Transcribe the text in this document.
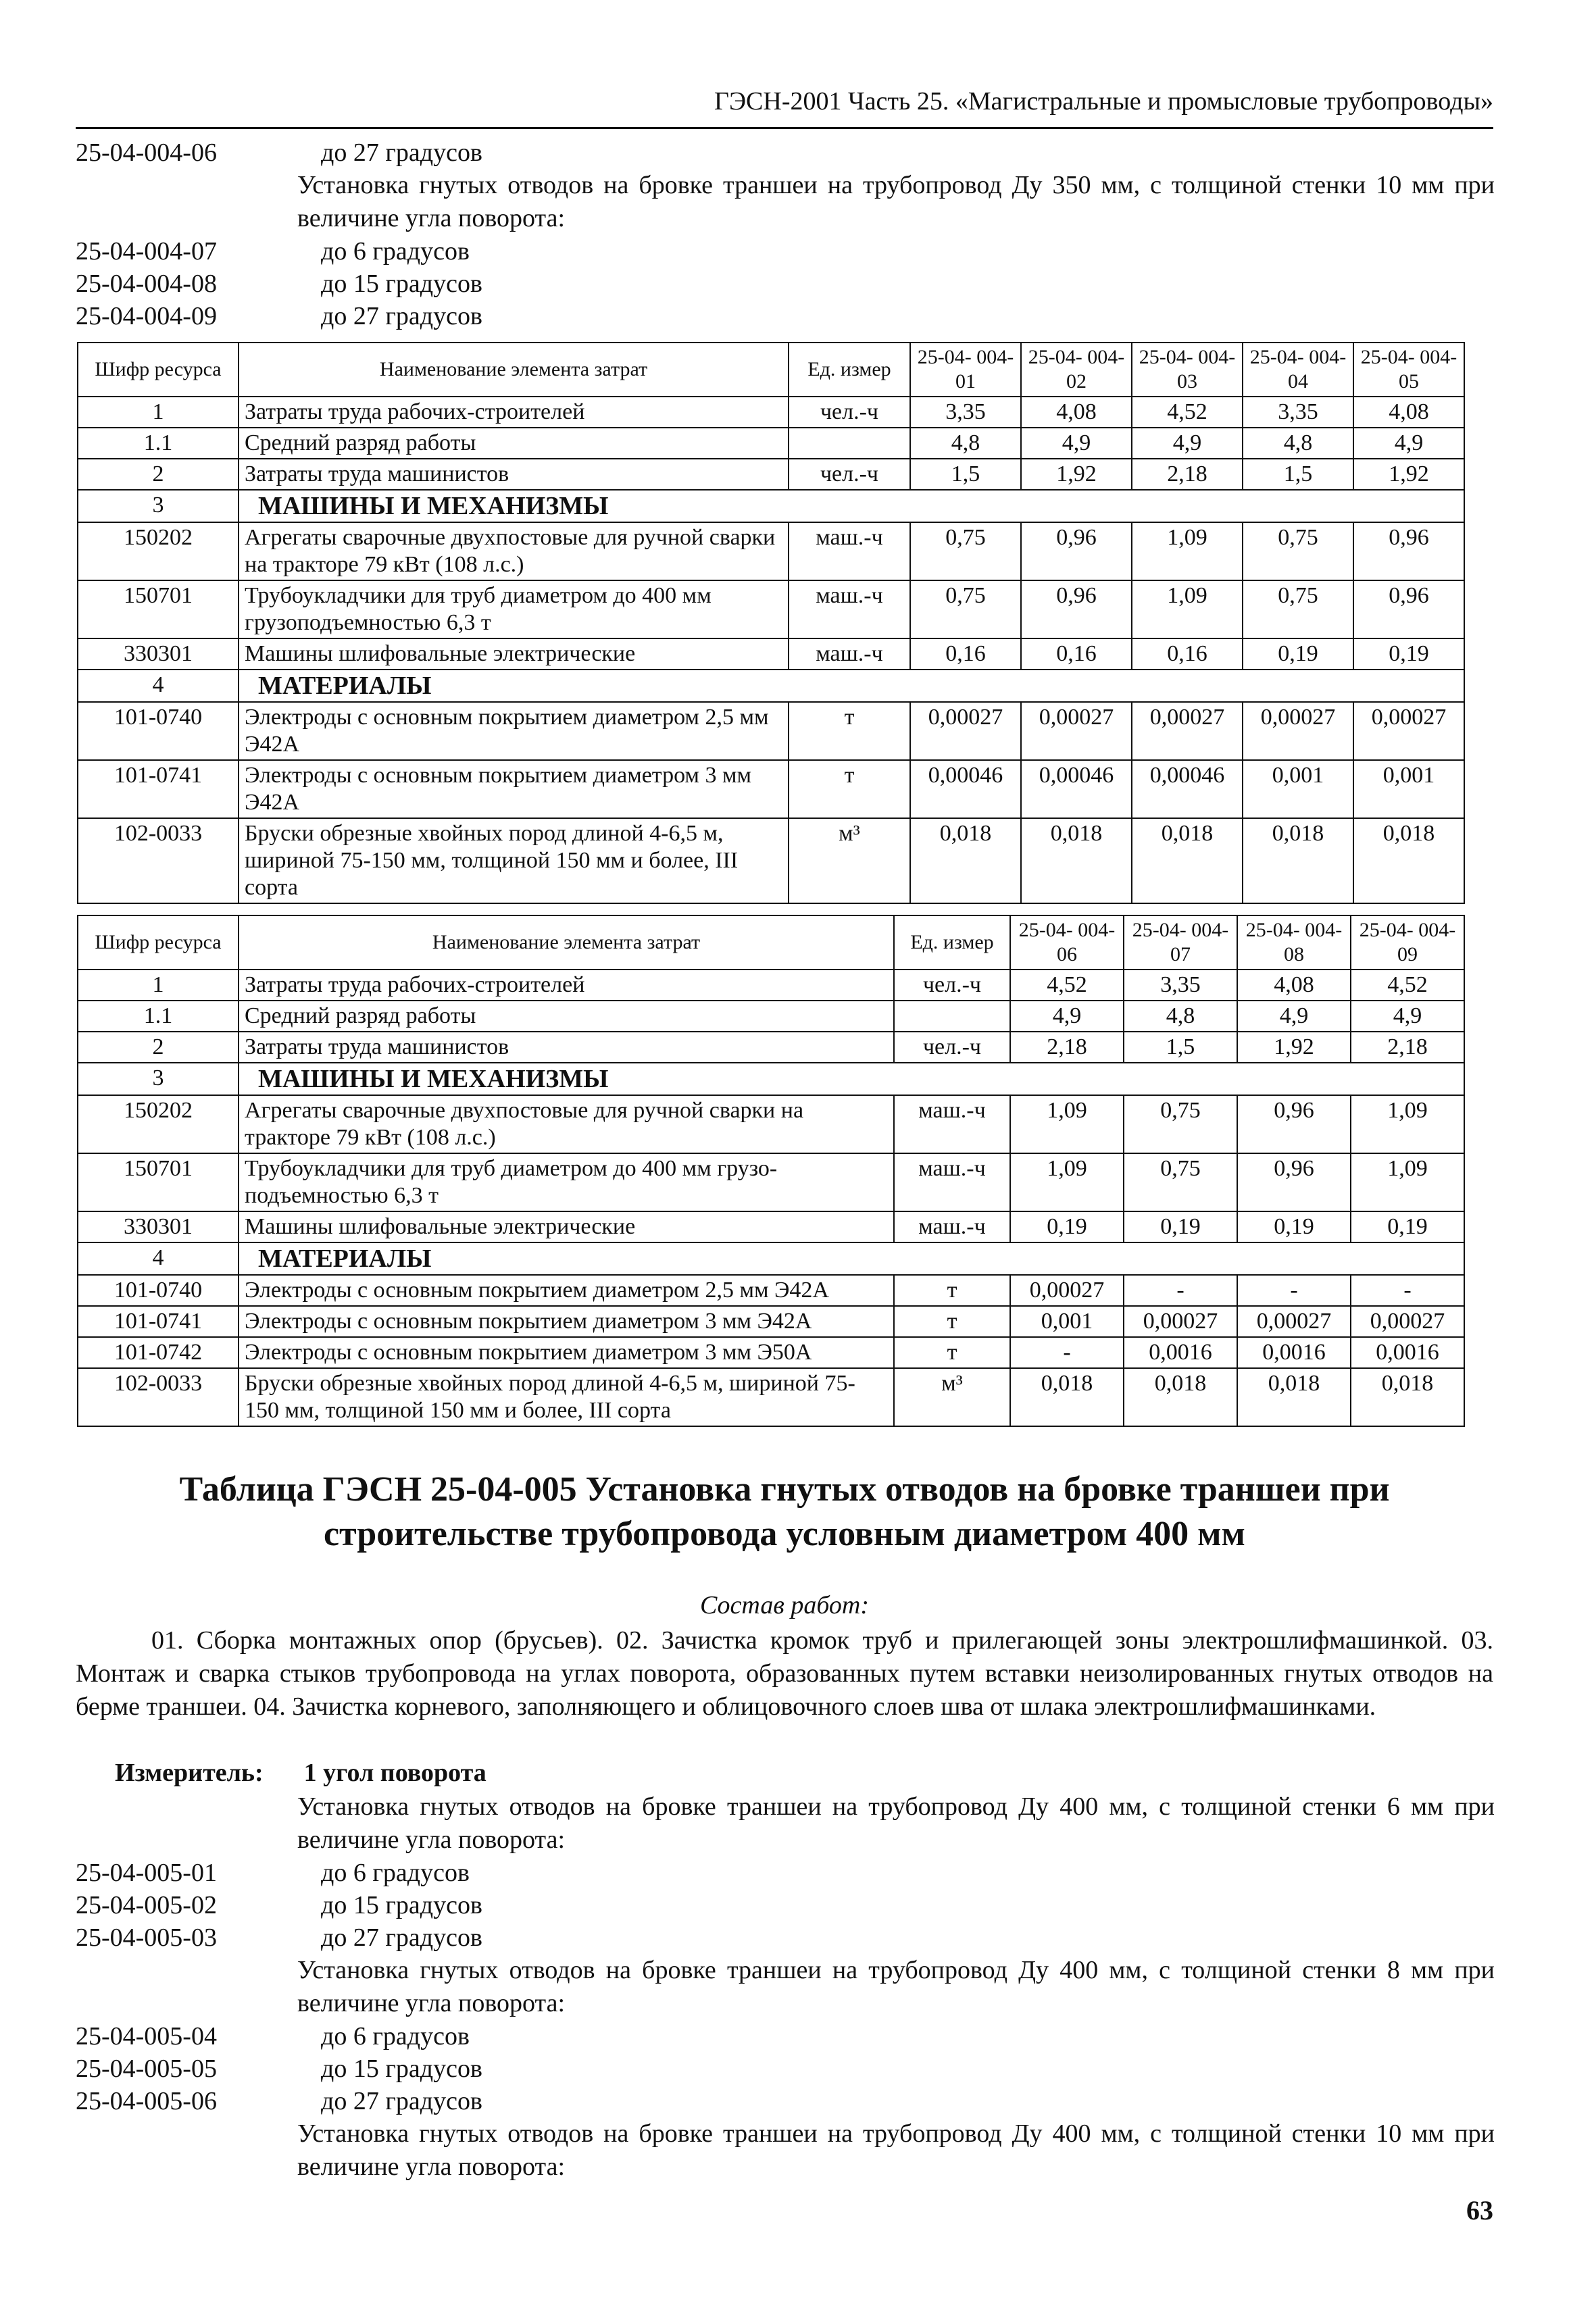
ГЭСН-2001 Часть 25. «Магистральные и промысловые трубопроводы»
25-04-004-06	до 27 градусов
Установка гнутых отводов на бровке траншеи на трубопровод Ду 350 мм, с толщиной стенки 10 мм при величине угла поворота:
25-04-004-07	до 6 градусов
25-04-004-08	до 15 градусов
25-04-004-09	до 27 градусов
Шифр ресурса	Наименование элемента затрат	Ед. измер	25-04- 004-01	25-04- 004-02	25-04- 004-03	25-04- 004-04	25-04- 004-05
1	Затраты труда рабочих-строителей	чел.-ч	3,35	4,08	4,52	3,35	4,08
1.1	Средний разряд работы		4,8	4,9	4,9	4,8	4,9
2	Затраты труда машинистов	чел.-ч	1,5	1,92	2,18	1,5	1,92
3	МАШИНЫ И МЕХАНИЗМЫ						
150202	Агрегаты сварочные двухпостовые для ручной сварки на тракторе 79 кВт (108 л.с.)	маш.-ч	0,75	0,96	1,09	0,75	0,96
150701	Трубоукладчики для труб диаметром до 400 мм грузоподъемностью 6,3 т	маш.-ч	0,75	0,96	1,09	0,75	0,96
330301	Машины шлифовальные электрические	маш.-ч	0,16	0,16	0,16	0,19	0,19
4	МАТЕРИАЛЫ						
101-0740	Электроды с основным покрытием диаметром 2,5 мм Э42А	т	0,00027	0,00027	0,00027	0,00027	0,00027
101-0741	Электроды с основным покрытием диаметром 3 мм Э42А	т	0,00046	0,00046	0,00046	0,001	0,001
102-0033	Бруски обрезные хвойных пород длиной 4-6,5 м, шириной 75-150 мм, толщиной 150 мм и более, III сорта	м³	0,018	0,018	0,018	0,018	0,018
Шифр ресурса	Наименование элемента затрат	Ед. измер	25-04- 004-06	25-04- 004-07	25-04- 004-08	25-04- 004-09
1	Затраты труда рабочих-строителей	чел.-ч	4,52	3,35	4,08	4,52
1.1	Средний разряд работы		4,9	4,8	4,9	4,9
2	Затраты труда машинистов	чел.-ч	2,18	1,5	1,92	2,18
3	МАШИНЫ И МЕХАНИЗМЫ					
150202	Агрегаты сварочные двухпостовые для ручной сварки на тракторе 79 кВт (108 л.с.)	маш.-ч	1,09	0,75	0,96	1,09
150701	Трубоукладчики для труб диаметром до 400 мм грузо-подъемностью 6,3 т	маш.-ч	1,09	0,75	0,96	1,09
330301	Машины шлифовальные электрические	маш.-ч	0,19	0,19	0,19	0,19
4	МАТЕРИАЛЫ					
101-0740	Электроды с основным покрытием диаметром 2,5 мм Э42А	т	0,00027	-	-	-
101-0741	Электроды с основным покрытием диаметром 3 мм Э42А	т	0,001	0,00027	0,00027	0,00027
101-0742	Электроды с основным покрытием диаметром 3 мм Э50А	т	-	0,0016	0,0016	0,0016
102-0033	Бруски обрезные хвойных пород длиной 4-6,5 м, шириной 75-150 мм, толщиной 150 мм и более, III сорта	м³	0,018	0,018	0,018	0,018
Таблица ГЭСН 25-04-005 Установка гнутых отводов на бровке траншеи при строительстве трубопровода условным диаметром 400 мм
Состав работ:
01. Сборка монтажных опор (брусьев). 02. Зачистка кромок труб и прилегающей зоны электрошлифмашинкой. 03. Монтаж и сварка стыков трубопровода на углах поворота, образованных путем вставки неизолированных гнутых отводов на берме траншеи. 04. Зачистка корневого, заполняющего и облицовочного слоев шва от шлака электрошлифмашинками.
Измеритель: 1 угол поворота
Установка гнутых отводов на бровке траншеи на трубопровод Ду 400 мм, с толщиной стенки 6 мм при величине угла поворота:
25-04-005-01	до 6 градусов
25-04-005-02	до 15 градусов
25-04-005-03	до 27 градусов
Установка гнутых отводов на бровке траншеи на трубопровод Ду 400 мм, с толщиной стенки 8 мм при величине угла поворота:
25-04-005-04	до 6 градусов
25-04-005-05	до 15 градусов
25-04-005-06	до 27 градусов
Установка гнутых отводов на бровке траншеи на трубопровод Ду 400 мм, с толщиной стенки 10 мм при величине угла поворота:
63
